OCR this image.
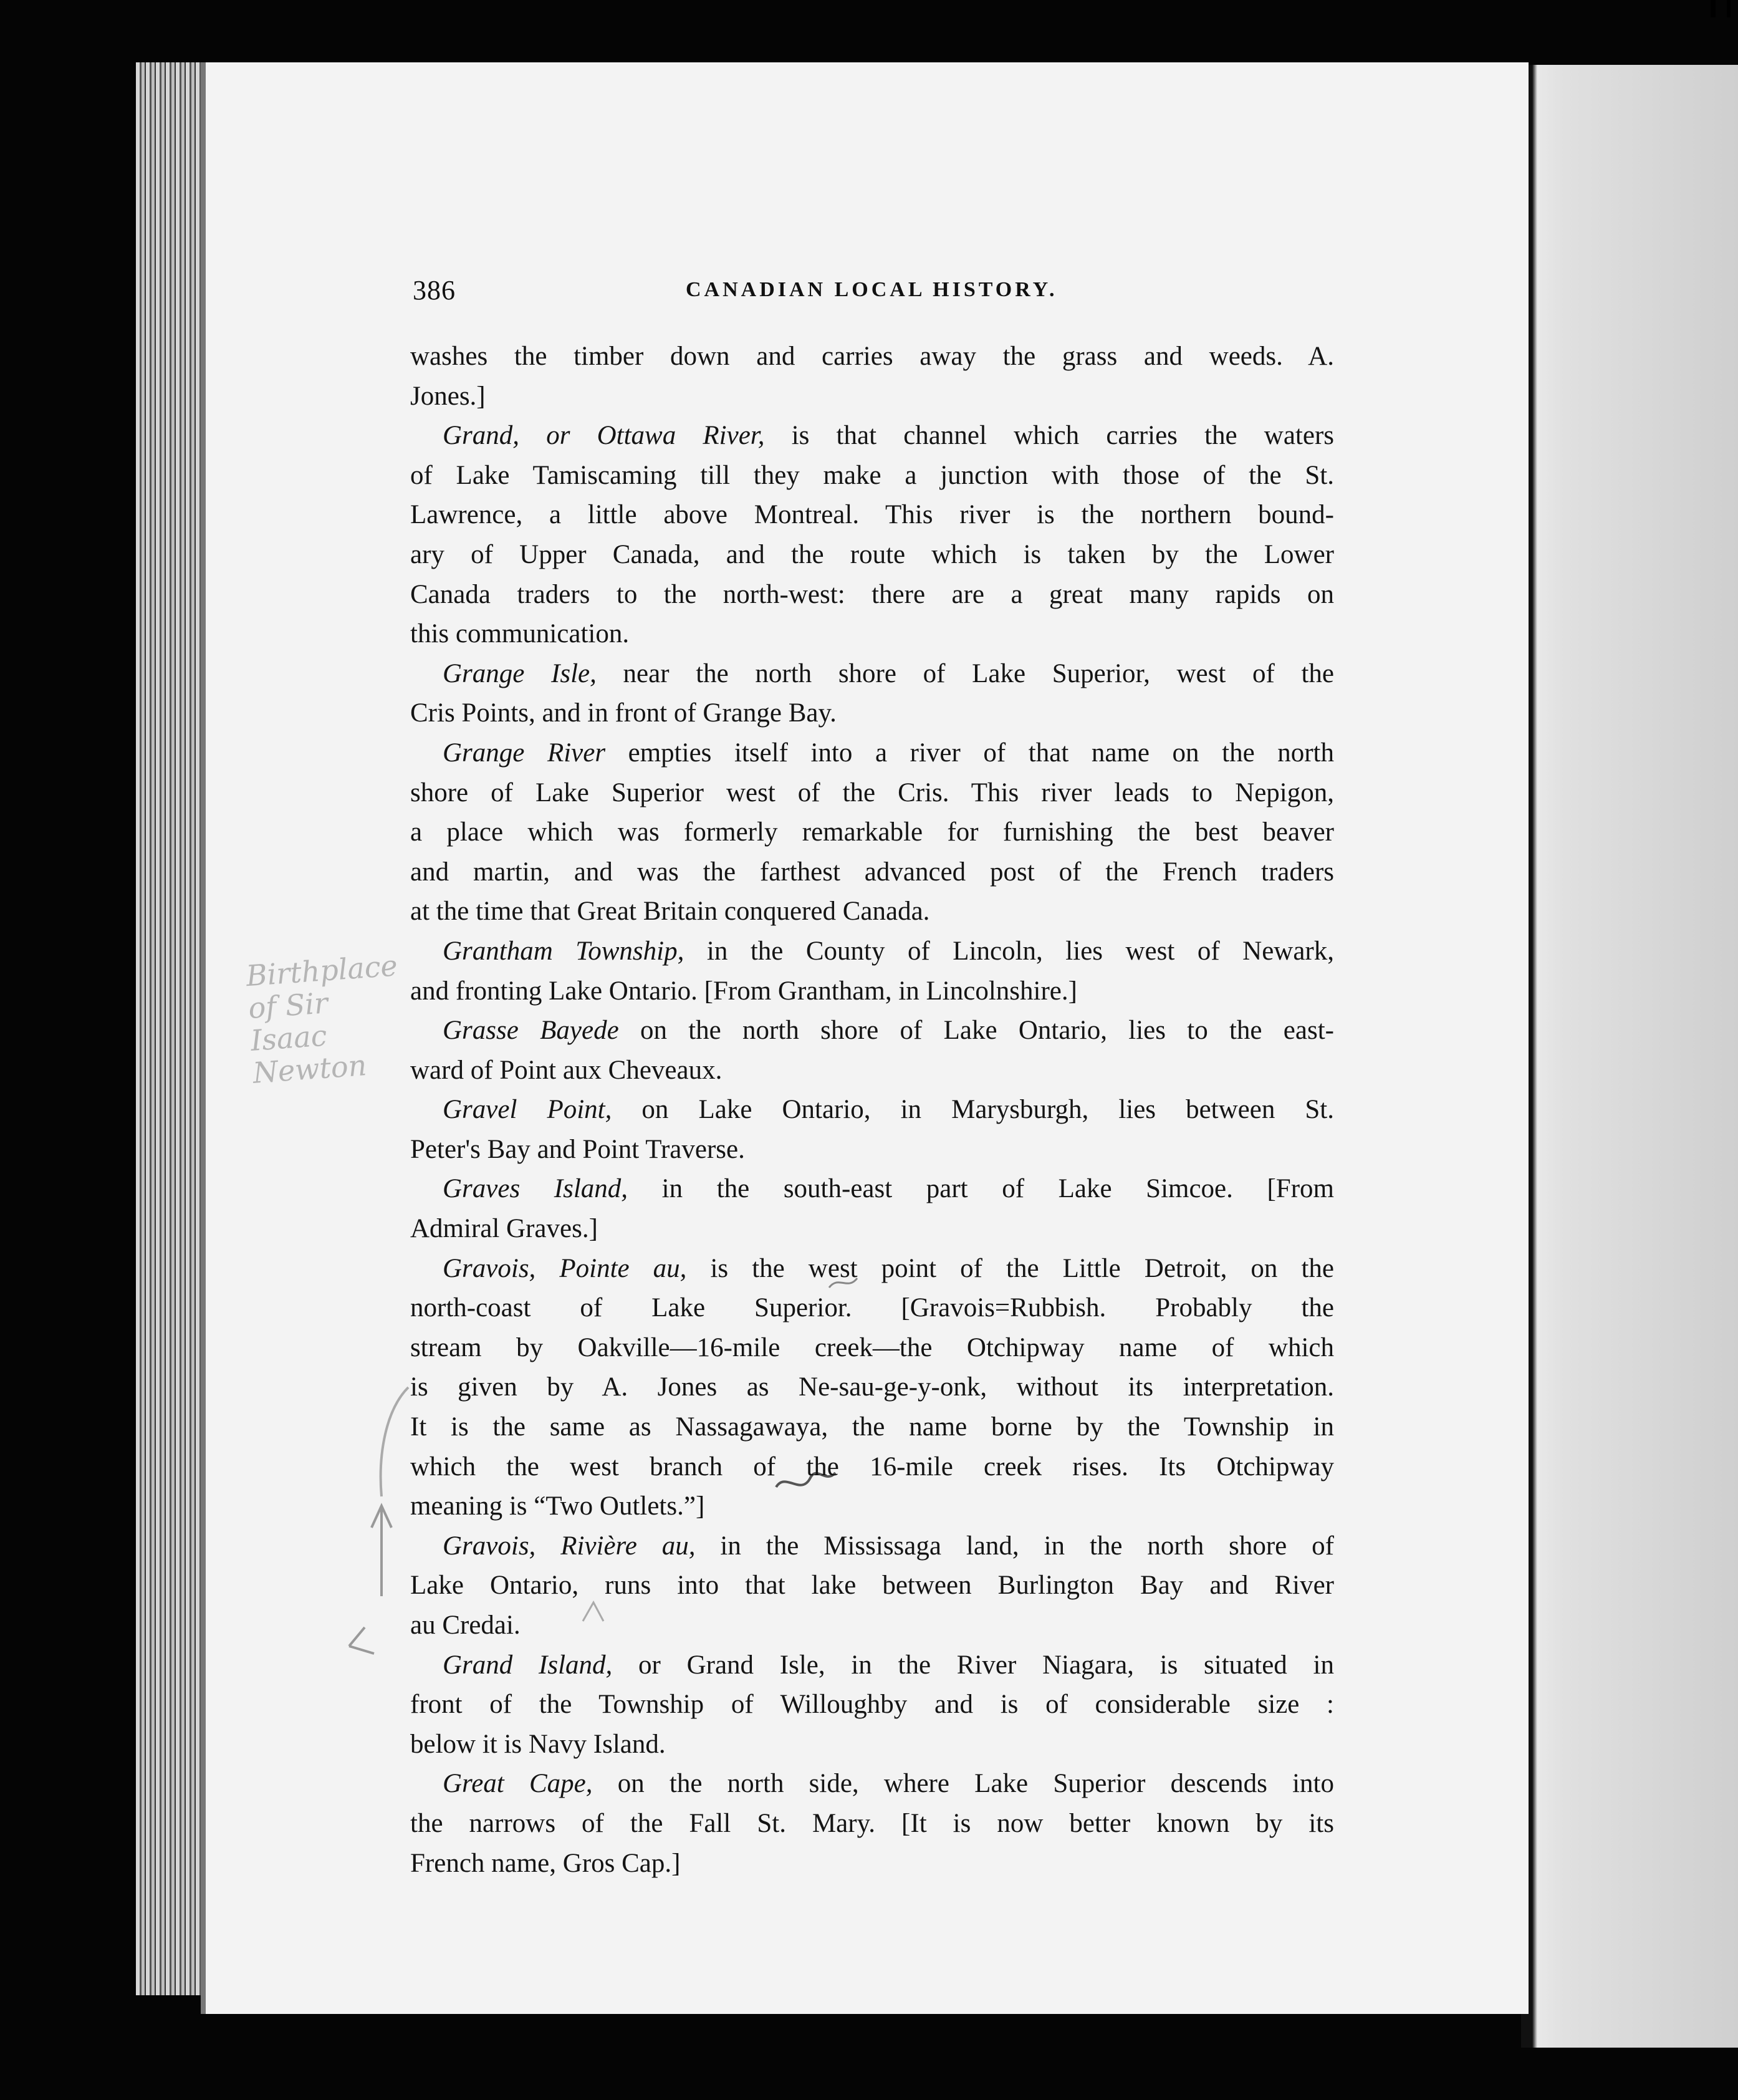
386	CANADIAN LOCAL HISTORY.
Birthplace of Sir Isaac Newton
washes the timber down and carries away the grass and weeds. A.
Jones.]
Grand, or Ottawa River, is that channel which carries the waters
of Lake Tamiscaming till they make a junction with those of the St.
Lawrence, a little above Montreal. This river is the northern bound-
ary of Upper Canada, and the route which is taken by the Lower
Canada traders to the north-west: there are a great many rapids on
this communication.
Grange Isle, near the north shore of Lake Superior, west of the
Cris Points, and in front of Grange Bay.
Grange River empties itself into a river of that name on the north
shore of Lake Superior west of the Cris. This river leads to Nepigon,
a place which was formerly remarkable for furnishing the best beaver
and martin, and was the farthest advanced post of the French traders
at the time that Great Britain conquered Canada.
Grantham Township, in the County of Lincoln, lies west of Newark,
and fronting Lake Ontario. [From Grantham, in Lincolnshire.]
Grasse Bayede on the north shore of Lake Ontario, lies to the east-
ward of Point aux Cheveaux.
Gravel Point, on Lake Ontario, in Marysburgh, lies between St.
Peter's Bay and Point Traverse.
Graves Island, in the south-east part of Lake Simcoe. [From
Admiral Graves.]
Gravois, Pointe au, is the west point of the Little Detroit, on the
north-coast of Lake Superior. [Gravois=Rubbish. Probably the
stream by Oakville—16-mile creek—the Otchipway name of which
is given by A. Jones as Ne-sau-ge-y-onk, without its interpretation.
It is the same as Nassagawaya, the name borne by the Township in
which the west branch of the 16-mile creek rises. Its Otchipway
meaning is “Two Outlets.”]
Gravois, Rivière au, in the Mississaga land, in the north shore of
Lake Ontario, runs into that lake between Burlington Bay and River
au Credai.
Grand Island, or Grand Isle, in the River Niagara, is situated in
front of the Township of Willoughby and is of considerable size :
below it is Navy Island.
Great Cape, on the north side, where Lake Superior descends into
the narrows of the Fall St. Mary. [It is now better known by its
French name, Gros Cap.]
